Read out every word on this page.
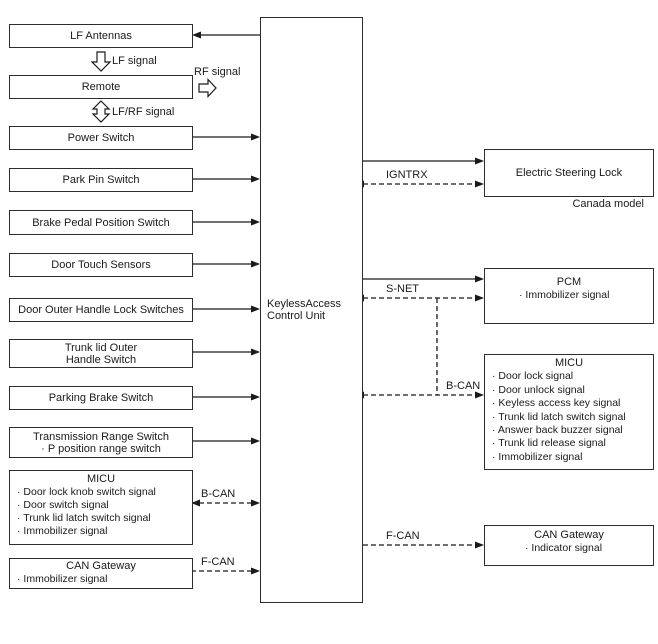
KeylessAccess
Control Unit
LF Antennas
Remote
Power Switch
Park Pin Switch
Brake Pedal Position Switch
Door Touch Sensors
Door Outer Handle Lock Switches
Trunk lid Outer
Handle Switch
Parking Brake Switch
Transmission Range Switch
· P position range switch
MICU
· Door lock knob switch signal
· Door switch signal
· Trunk lid latch switch signal
· Immobilizer signal
CAN Gateway
· Immobilizer signal
Electric Steering Lock
PCM
· Immobilizer signal
MICU
· Door lock signal
· Door unlock signal
· Keyless access key signal
· Trunk lid latch switch signal
· Answer back buzzer signal
· Trunk lid release signal
· Immobilizer signal
CAN Gateway
· Indicator signal
LF signal
RF signal
LF/RF signal
IGNTRX
S-NET
B-CAN
F-CAN
B-CAN
F-CAN
Canada model
